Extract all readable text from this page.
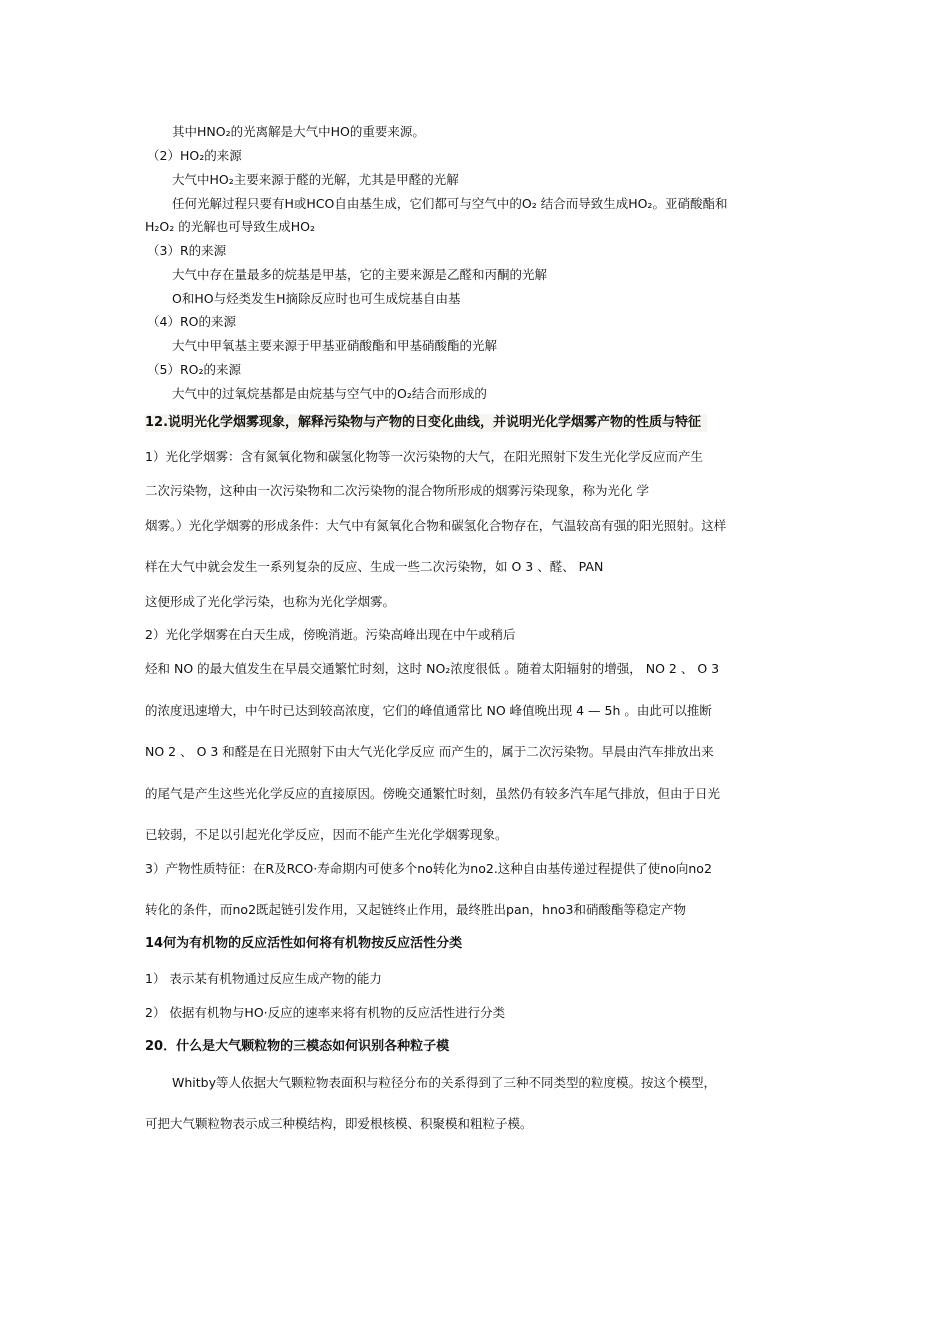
其中HNO₂的光离解是大气中HO的重要来源。
（2）HO₂的来源
大气中HO₂主要来源于醛的光解，尤其是甲醛的光解
任何光解过程只要有H或HCO自由基生成，它们都可与空气中的O₂ 结合而导致生成HO₂。亚硝酸酯和
H₂O₂ 的光解也可导致生成HO₂
（3）R的来源
大气中存在量最多的烷基是甲基，它的主要来源是乙醛和丙酮的光解
O和HO与烃类发生H摘除反应时也可生成烷基自由基
（4）RO的来源
大气中甲氧基主要来源于甲基亚硝酸酯和甲基硝酸酯的光解
（5）RO₂的来源
大气中的过氧烷基都是由烷基与空气中的O₂结合而形成的
12.说明光化学烟雾现象，解释污染物与产物的日变化曲线，并说明光化学烟雾产物的性质与特征
1）光化学烟雾：含有氮氧化物和碳氢化物等一次污染物的大气，在阳光照射下发生光化学反应而产生
二次污染物，这种由一次污染物和二次污染物的混合物所形成的烟雾污染现象，称为光化 学
烟雾。）光化学烟雾的形成条件：大气中有氮氧化合物和碳氢化合物存在，气温较高有强的阳光照射。这样
样在大气中就会发生一系列复杂的反应、生成一些二次污染物，如 O 3 、醛、 PAN
这便形成了光化学污染，也称为光化学烟雾。
2）光化学烟雾在白天生成，傍晚消逝。污染高峰出现在中午或稍后
烃和 NO 的最大值发生在早晨交通繁忙时刻，这时 NO₂浓度很低 。随着太阳辐射的增强， NO 2 、 O 3
的浓度迅速增大，中午时已达到较高浓度，它们的峰值通常比 NO 峰值晚出现 4 — 5h 。由此可以推断
NO 2 、 O 3 和醛是在日光照射下由大气光化学反应 而产生的，属于二次污染物。早晨由汽车排放出来
的尾气是产生这些光化学反应的直接原因。傍晚交通繁忙时刻，虽然仍有较多汽车尾气排放，但由于日光
已较弱，不足以引起光化学反应，因而不能产生光化学烟雾现象。
3）产物性质特征：在R及RCO·寿命期内可使多个no转化为no2.这种自由基传递过程提供了使no向no2
转化的条件，而no2既起链引发作用，又起链终止作用，最终胜出pan，hno3和硝酸酯等稳定产物
14何为有机物的反应活性如何将有机物按反应活性分类
1） 表示某有机物通过反应生成产物的能力
2） 依据有机物与HO·反应的速率来将有机物的反应活性进行分类
20．什么是大气颗粒物的三模态如何识别各种粒子模
Whitby等人依据大气颗粒物表面积与粒径分布的关系得到了三种不同类型的粒度模。按这个模型，
可把大气颗粒物表示成三种模结构，即爱根核模、积聚模和粗粒子模。
